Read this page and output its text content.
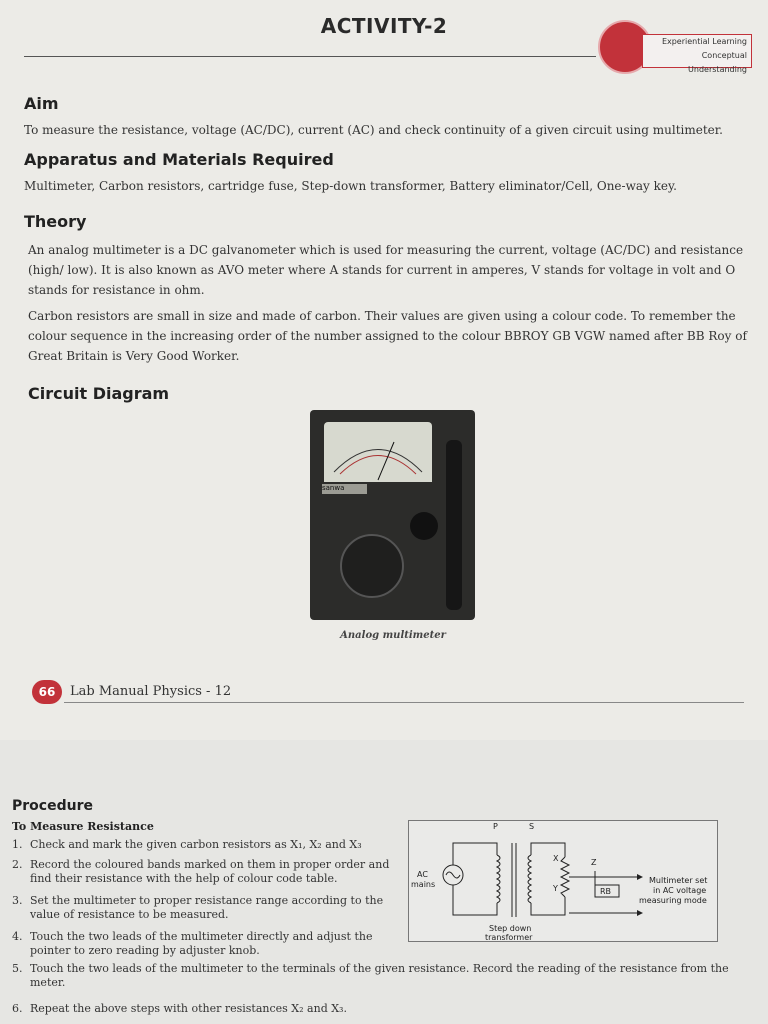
ACTIVITY-2
Experiential Learning
Conceptual Understanding
Aim

To measure the resistance, voltage (AC/DC), current (AC) and check continuity of a given circuit using multimeter.

Apparatus and Materials Required

Multimeter, Carbon resistors, cartridge fuse, Step-down transformer, Battery eliminator/Cell, One-way key.

Theory

An analog multimeter is a DC galvanometer which is used for measuring the current, voltage (AC/DC) and resistance (high/ low). It is also known as AVO meter where A stands for current in amperes, V stands for voltage in volt and O stands for resistance in ohm.

Carbon resistors are small in size and made of carbon. Their values are given using a colour code. To remember the colour sequence in the increasing order of the number assigned to the colour BBROY GB VGW named after BB Roy of Great Britain is Very Good Worker.

Circuit Diagram
sanwa
Analog multimeter
66	Lab Manual Physics - 12
Procedure
To Measure Resistance
1. Check and mark the given carbon resistors as X₁, X₂ and X₃
2. Record the coloured bands marked on them in proper order and find their resistance with the help of colour code table.
3. Set the multimeter to proper resistance range according to the value of resistance to be measured.
4. Touch the two leads of the multimeter directly and adjust the pointer to zero reading by adjuster knob.
5. Touch the two leads of the multimeter to the terminals of the given resistance. Record the reading of the resistance from the meter.
6. Repeat the above steps with other resistances X₂ and X₃.
AC
mains
P	S
X
Y
Z
RB
Multimeter set
in AC voltage
measuring mode
Step down
transformer
